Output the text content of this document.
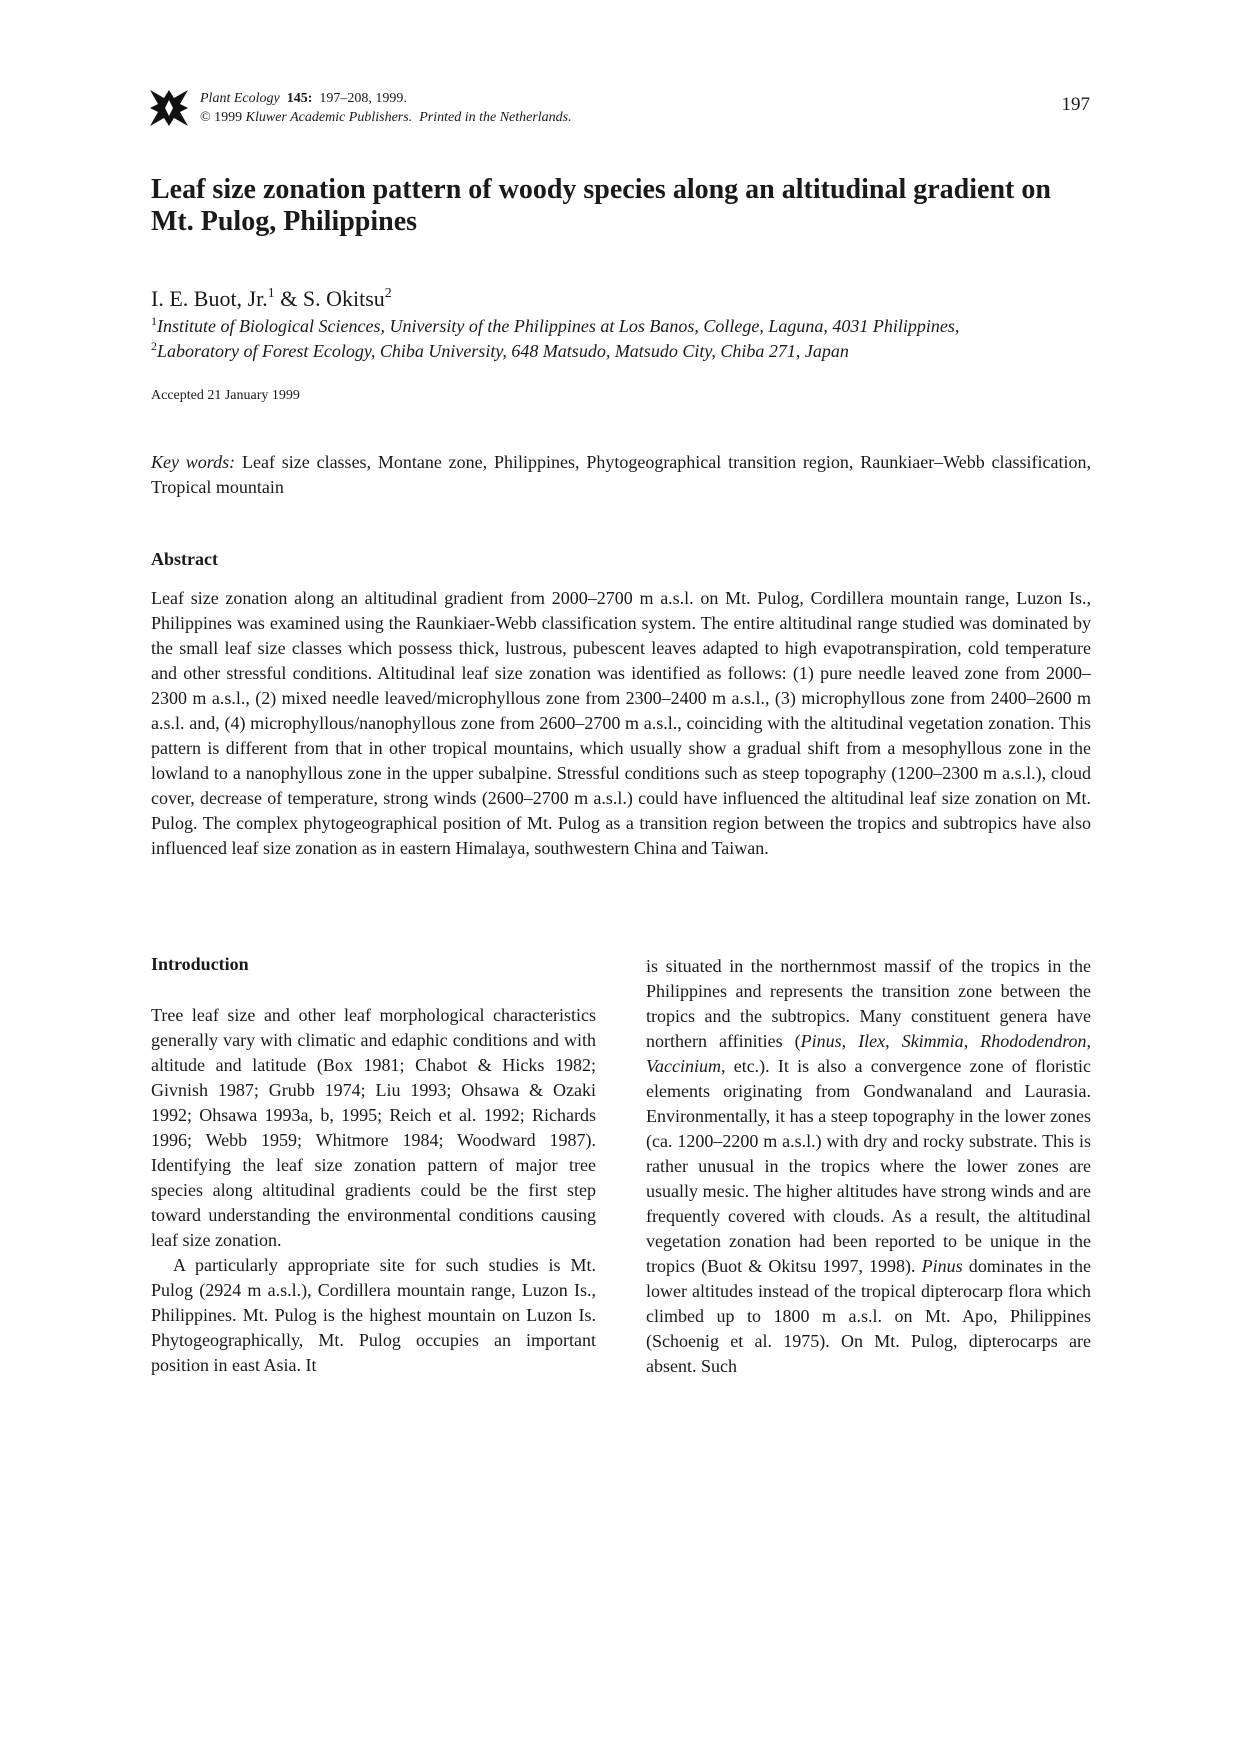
Plant Ecology 145: 197–208, 1999.
© 1999 Kluwer Academic Publishers. Printed in the Netherlands.
197
Leaf size zonation pattern of woody species along an altitudinal gradient on Mt. Pulog, Philippines
I. E. Buot, Jr.$^1$ & S. Okitsu$^2$
$^1$Institute of Biological Sciences, University of the Philippines at Los Banos, College, Laguna, 4031 Philippines,
$^2$Laboratory of Forest Ecology, Chiba University, 648 Matsudo, Matsudo City, Chiba 271, Japan
Accepted 21 January 1999
Key words: Leaf size classes, Montane zone, Philippines, Phytogeographical transition region, Raunkiaer–Webb classification, Tropical mountain
Abstract

Leaf size zonation along an altitudinal gradient from 2000–2700 m a.s.l. on Mt. Pulog, Cordillera mountain range, Luzon Is., Philippines was examined using the Raunkiaer-Webb classification system. The entire altitudinal range studied was dominated by the small leaf size classes which possess thick, lustrous, pubescent leaves adapted to high evapotranspiration, cold temperature and other stressful conditions. Altitudinal leaf size zonation was identified as follows: (1) pure needle leaved zone from 2000–2300 m a.s.l., (2) mixed needle leaved/microphyllous zone from 2300–2400 m a.s.l., (3) microphyllous zone from 2400–2600 m a.s.l. and, (4) microphyllous/nanophyllous zone from 2600–2700 m a.s.l., coinciding with the altitudinal vegetation zonation. This pattern is different from that in other tropical mountains, which usually show a gradual shift from a mesophyllous zone in the lowland to a nanophyllous zone in the upper subalpine. Stressful conditions such as steep topography (1200–2300 m a.s.l.), cloud cover, decrease of temperature, strong winds (2600–2700 m a.s.l.) could have influenced the altitudinal leaf size zonation on Mt. Pulog. The complex phytogeographical position of Mt. Pulog as a transition region between the tropics and subtropics have also influenced leaf size zonation as in eastern Himalaya, southwestern China and Taiwan.

Introduction

Tree leaf size and other leaf morphological characteristics generally vary with climatic and edaphic conditions and with altitude and latitude (Box 1981; Chabot & Hicks 1982; Givnish 1987; Grubb 1974; Liu 1993; Ohsawa & Ozaki 1992; Ohsawa 1993a, b, 1995; Reich et al. 1992; Richards 1996; Webb 1959; Whitmore 1984; Woodward 1987). Identifying the leaf size zonation pattern of major tree species along altitudinal gradients could be the first step toward understanding the environmental conditions causing leaf size zonation.

A particularly appropriate site for such studies is Mt. Pulog (2924 m a.s.l.), Cordillera mountain range, Luzon Is., Philippines. Mt. Pulog is the highest mountain on Luzon Is. Phytogeographically, Mt. Pulog occupies an important position in east Asia. It

is situated in the northernmost massif of the tropics in the Philippines and represents the transition zone between the tropics and the subtropics. Many constituent genera have northern affinities (Pinus, Ilex, Skimmia, Rhododendron, Vaccinium, etc.). It is also a convergence zone of floristic elements originating from Gondwanaland and Laurasia. Environmentally, it has a steep topography in the lower zones (ca. 1200–2200 m a.s.l.) with dry and rocky substrate. This is rather unusual in the tropics where the lower zones are usually mesic. The higher altitudes have strong winds and are frequently covered with clouds. As a result, the altitudinal vegetation zonation had been reported to be unique in the tropics (Buot & Okitsu 1997, 1998). Pinus dominates in the lower altitudes instead of the tropical dipterocarp flora which climbed up to 1800 m a.s.l. on Mt. Apo, Philippines (Schoenig et al. 1975). On Mt. Pulog, dipterocarps are absent. Such
